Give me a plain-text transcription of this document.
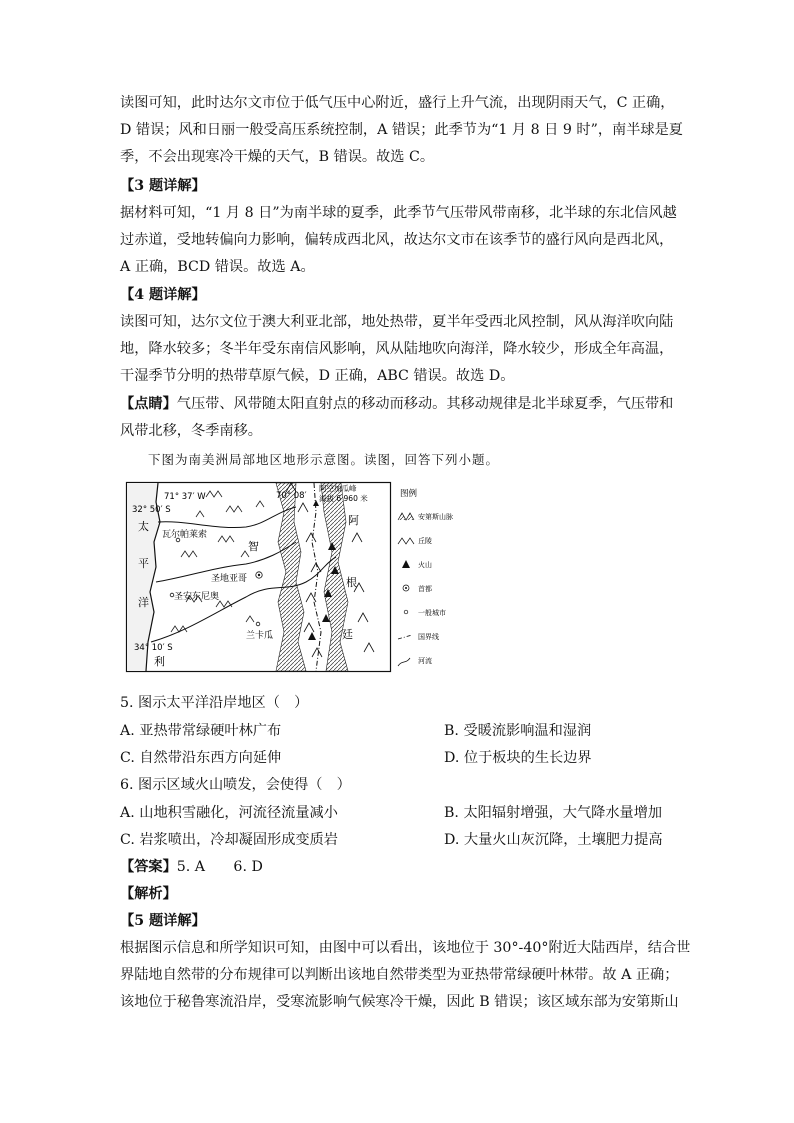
读图可知，此时达尔文市位于低气压中心附近，盛行上升气流，出现阴雨天气，C 正确，
D 错误；风和日丽一般受高压系统控制，A 错误；此季节为“1 月 8 日 9 时”，南半球是夏
季，不会出现寒冷干燥的天气，B 错误。故选 C。
【3 题详解】
据材料可知，“1 月 8 日”为南半球的夏季，此季节气压带风带南移，北半球的东北信风越
过赤道，受地转偏向力影响，偏转成西北风，故达尔文市在该季节的盛行风向是西北风，
A 正确，BCD 错误。故选 A。
【4 题详解】
读图可知，达尔文位于澳大利亚北部，地处热带，夏半年受西北风控制，风从海洋吹向陆
地，降水较多；冬半年受东南信风影响，风从陆地吹向海洋，降水较少，形成全年高温，
干湿季节分明的热带草原气候，D 正确，ABC 错误。故选 D。
【点睛】气压带、风带随太阳直射点的移动而移动。其移动规律是北半球夏季，气压带和
风带北移，冬季南移。
下图为南美洲局部地区地形示意图。读图，回答下列小题。
71° 37′ W	70° 08′
32° 50′ S
34° 10′ S
阿空加瓜峰
海拔 6 960 米
太
平
洋
智
利
阿
根
廷
瓦尔帕莱索
圣地亚哥
圣安东尼奥
兰卡瓜
图例
安第斯山脉
丘陵
火山
首都
一般城市
国界线
河流
5. 图示太平洋沿岸地区（　）
A. 亚热带常绿硬叶林广布	B. 受暖流影响温和湿润
C. 自然带沿东西方向延伸	D. 位于板块的生长边界
6. 图示区域火山喷发，会使得（　）
A. 山地积雪融化，河流径流量减小	B. 太阳辐射增强，大气降水量增加
C. 岩浆喷出，冷却凝固形成变质岩	D. 大量火山灰沉降，土壤肥力提高
【答案】5. A　　6. D
【解析】
【5 题详解】
根据图示信息和所学知识可知，由图中可以看出，该地位于 30°-40°附近大陆西岸，结合世
界陆地自然带的分布规律可以判断出该地自然带类型为亚热带常绿硬叶林带。故 A 正确；
该地位于秘鲁寒流沿岸，受寒流影响气候寒冷干燥，因此 B 错误；该区域东部为安第斯山
